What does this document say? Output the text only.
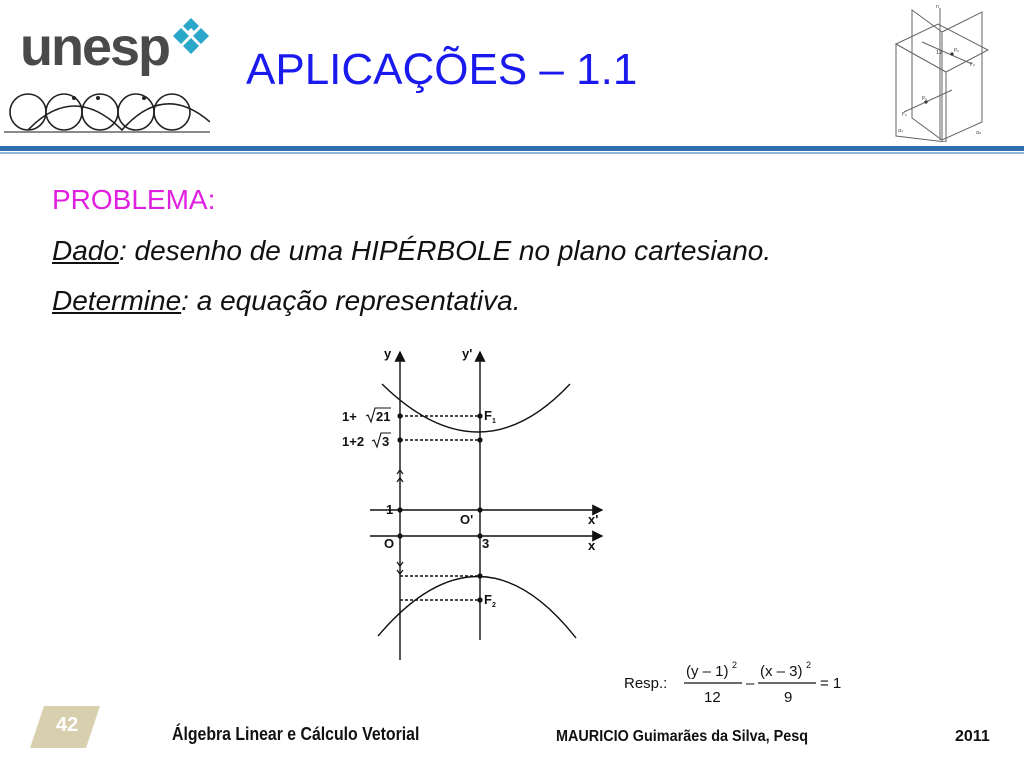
unesp APLICAÇÕES – 1.1
n
P₂
F₂
12
P₁
F₁
α₁	α₂
PROBLEMA:
Dado: desenho de uma HIPÉRBOLE no plano cartesiano.
Determine: a equação representativa.
y	y'
x'
x
1
O
O'
3
$F_1$
$F_2$
1+ 21
1+2 3
Resp.:
(y – 1) 2
12
–
(x – 3) 2
9
= 1
42	Álgebra Linear e Cálculo Vetorial	MAURICIO Guimarães da Silva, Pesq	2011
